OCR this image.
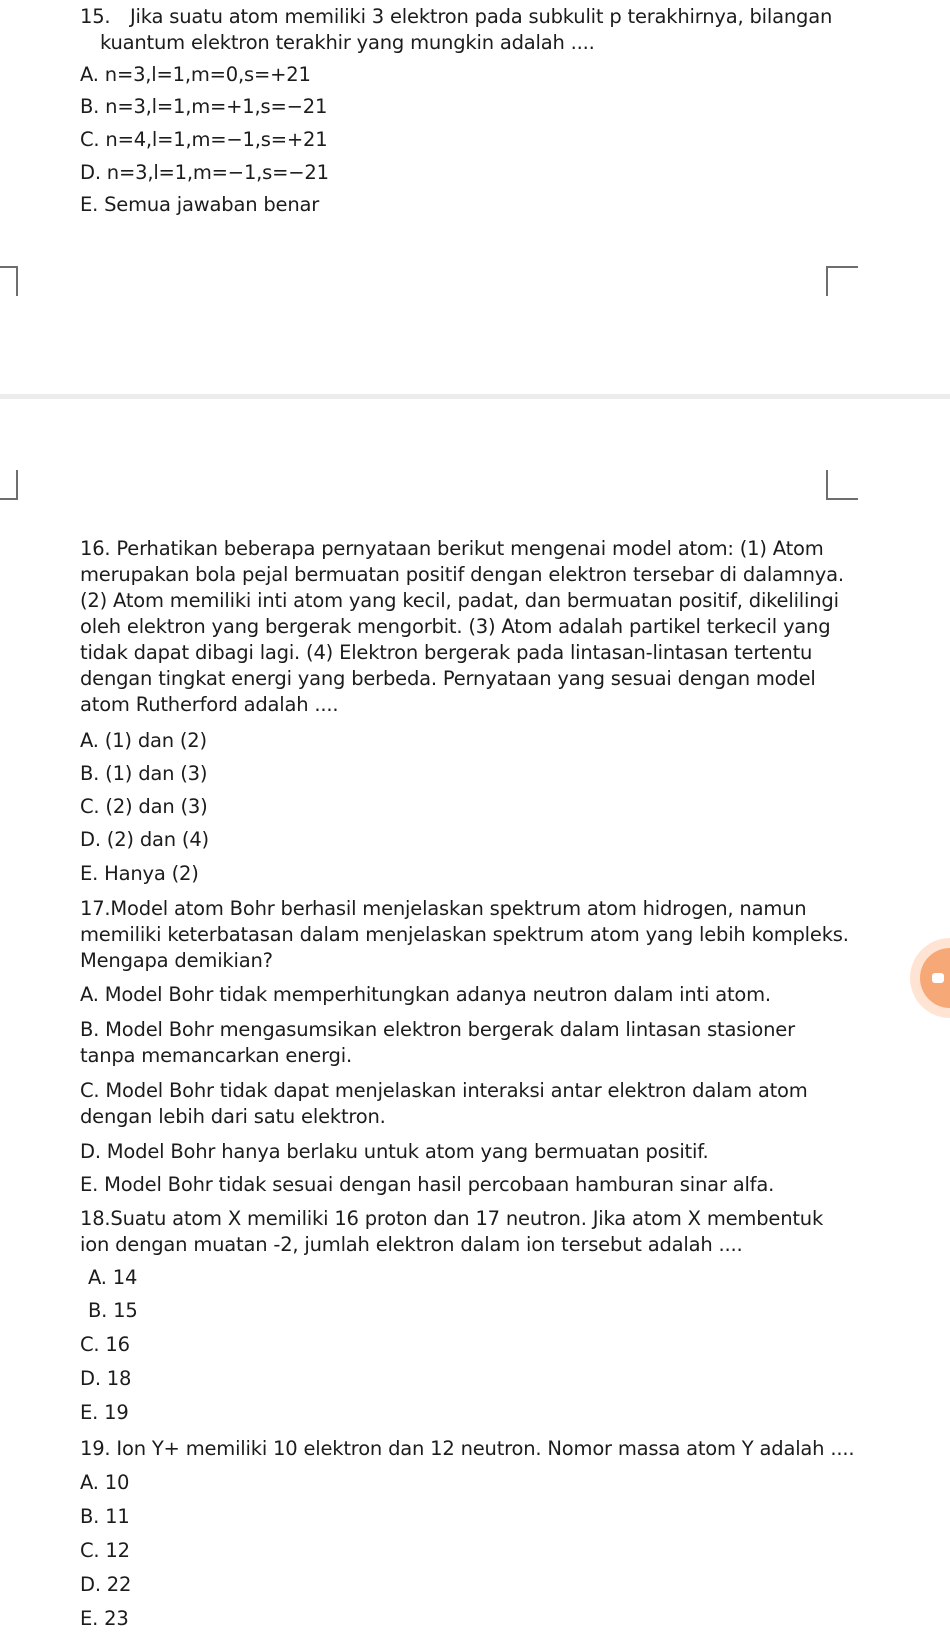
15. Jika suatu atom memiliki 3 elektron pada subkulit p terakhirnya, bilangan
kuantum elektron terakhir yang mungkin adalah ....
A. n=3,l=1,m=0,s=+21
B. n=3,l=1,m=+1,s=−21
C. n=4,l=1,m=−1,s=+21
D. n=3,l=1,m=−1,s=−21
E. Semua jawaban benar
16. Perhatikan beberapa pernyataan berikut mengenai model atom: (1) Atom
merupakan bola pejal bermuatan positif dengan elektron tersebar di dalamnya.
(2) Atom memiliki inti atom yang kecil, padat, dan bermuatan positif, dikelilingi
oleh elektron yang bergerak mengorbit. (3) Atom adalah partikel terkecil yang
tidak dapat dibagi lagi. (4) Elektron bergerak pada lintasan-lintasan tertentu
dengan tingkat energi yang berbeda. Pernyataan yang sesuai dengan model
atom Rutherford adalah ....
A. (1) dan (2)
B. (1) dan (3)
C. (2) dan (3)
D. (2) dan (4)
E. Hanya (2)
17.Model atom Bohr berhasil menjelaskan spektrum atom hidrogen, namun
memiliki keterbatasan dalam menjelaskan spektrum atom yang lebih kompleks.
Mengapa demikian?
A. Model Bohr tidak memperhitungkan adanya neutron dalam inti atom.
B. Model Bohr mengasumsikan elektron bergerak dalam lintasan stasioner
tanpa memancarkan energi.
C. Model Bohr tidak dapat menjelaskan interaksi antar elektron dalam atom
dengan lebih dari satu elektron.
D. Model Bohr hanya berlaku untuk atom yang bermuatan positif.
E. Model Bohr tidak sesuai dengan hasil percobaan hamburan sinar alfa.
18.Suatu atom X memiliki 16 proton dan 17 neutron. Jika atom X membentuk
ion dengan muatan -2, jumlah elektron dalam ion tersebut adalah ....
A. 14
B. 15
C. 16
D. 18
E. 19
19. Ion Y+ memiliki 10 elektron dan 12 neutron. Nomor massa atom Y adalah ....
A. 10
B. 11
C. 12
D. 22
E. 23
